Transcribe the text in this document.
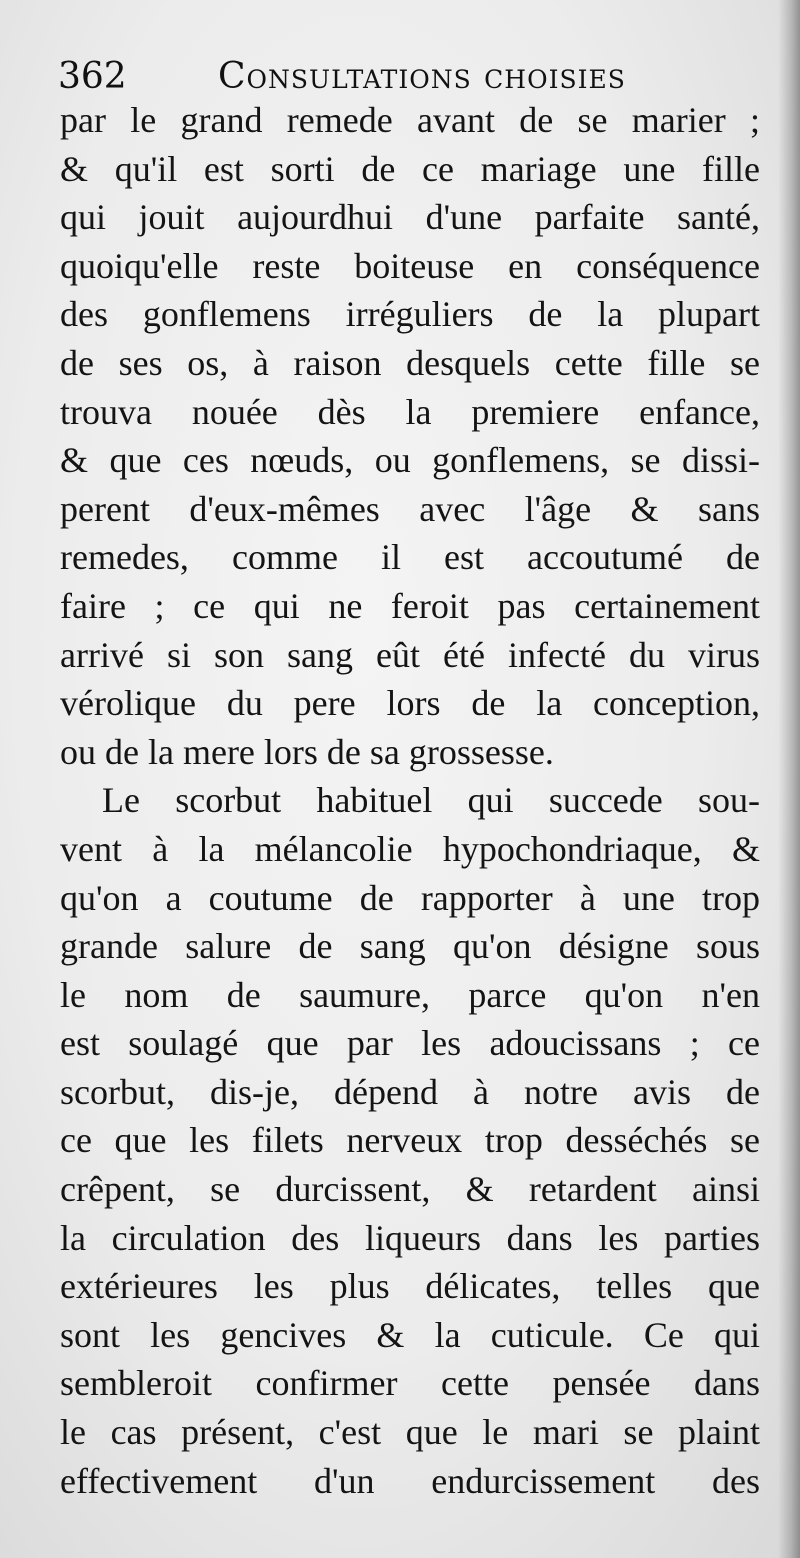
362	Consultations choisies
par le grand remede avant de se marier ;
& qu'il est sorti de ce mariage une fille
qui jouit aujourdhui d'une parfaite santé,
quoiqu'elle reste boiteuse en conséquence
des gonflemens irréguliers de la plupart
de ses os, à raison desquels cette fille se
trouva nouée dès la premiere enfance,
& que ces nœuds, ou gonflemens, se dissi-
perent d'eux-mêmes avec l'âge & sans
remedes, comme il est accoutumé de
faire ; ce qui ne feroit pas certainement
arrivé si son sang eût été infecté du virus
vérolique du pere lors de la conception,
ou de la mere lors de sa grossesse.
Le scorbut habituel qui succede sou-
vent à la mélancolie hypochondriaque, &
qu'on a coutume de rapporter à une trop
grande salure de sang qu'on désigne sous
le nom de saumure, parce qu'on n'en
est soulagé que par les adoucissans ; ce
scorbut, dis-je, dépend à notre avis de
ce que les filets nerveux trop desséchés se
crêpent, se durcissent, & retardent ainsi
la circulation des liqueurs dans les parties
extérieures les plus délicates, telles que
sont les gencives & la cuticule. Ce qui
sembleroit confirmer cette pensée dans
le cas présent, c'est que le mari se plaint
effectivement d'un endurcissement des
